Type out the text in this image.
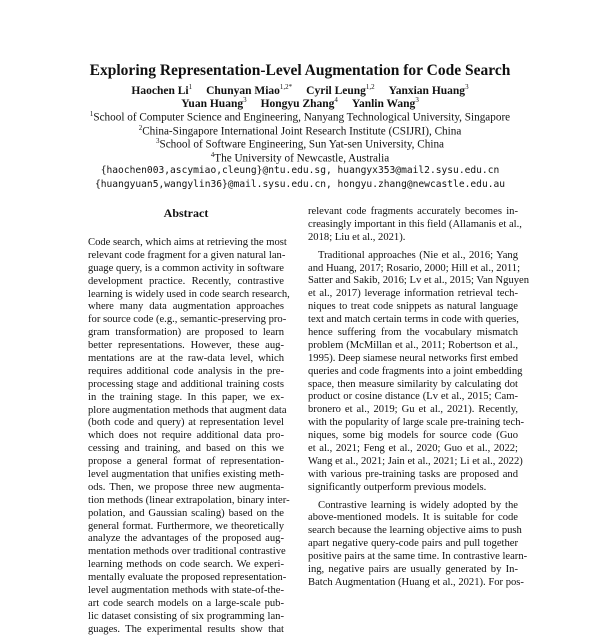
Exploring Representation-Level Augmentation for Code Search
Haochen Li$^1$ Chunyan Miao$^{1,2*}$ Cyril Leung$^{1,2}$ Yanxian Huang$^3$
Yuan Huang$^3$ Hongyu Zhang$^4$ Yanlin Wang$^3$
$^1$School of Computer Science and Engineering, Nanyang Technological University, Singapore
$^2$China-Singapore International Joint Research Institute (CSIJRI), China
$^3$School of Software Engineering, Sun Yat-sen University, China
$^4$The University of Newcastle, Australia
{haochen003,ascymiao,cleung}@ntu.edu.sg, huangyx353@mail2.sysu.edu.cn
{huangyuan5,wangylin36}@mail.sysu.edu.cn, hongyu.zhang@newcastle.edu.au
Abstract
Code search, which aims at retrieving the most
relevant code fragment for a given natural lan-
guage query, is a common activity in software
development practice. Recently, contrastive
learning is widely used in code search research,
where many data augmentation approaches
for source code (e.g., semantic-preserving pro-
gram transformation) are proposed to learn
better representations. However, these aug-
mentations are at the raw-data level, which
requires additional code analysis in the pre-
processing stage and additional training costs
in the training stage. In this paper, we ex-
plore augmentation methods that augment data
(both code and query) at representation level
which does not require additional data pro-
cessing and training, and based on this we
propose a general format of representation-
level augmentation that unifies existing meth-
ods. Then, we propose three new augmenta-
tion methods (linear extrapolation, binary inter-
polation, and Gaussian scaling) based on the
general format. Furthermore, we theoretically
analyze the advantages of the proposed aug-
mentation methods over traditional contrastive
learning methods on code search. We experi-
mentally evaluate the proposed representation-
level augmentation methods with state-of-the-
art code search models on a large-scale pub-
lic dataset consisting of six programming lan-
guages. The experimental results show that
relevant code fragments accurately becomes in-
creasingly important in this field (Allamanis et al.,
2018; Liu et al., 2021).
Traditional approaches (Nie et al., 2016; Yang
and Huang, 2017; Rosario, 2000; Hill et al., 2011;
Satter and Sakib, 2016; Lv et al., 2015; Van Nguyen
et al., 2017) leverage information retrieval tech-
niques to treat code snippets as natural language
text and match certain terms in code with queries,
hence suffering from the vocabulary mismatch
problem (McMillan et al., 2011; Robertson et al.,
1995). Deep siamese neural networks first embed
queries and code fragments into a joint embedding
space, then measure similarity by calculating dot
product or cosine distance (Lv et al., 2015; Cam-
bronero et al., 2019; Gu et al., 2021). Recently,
with the popularity of large scale pre-training tech-
niques, some big models for source code (Guo
et al., 2021; Feng et al., 2020; Guo et al., 2022;
Wang et al., 2021; Jain et al., 2021; Li et al., 2022)
with various pre-training tasks are proposed and
significantly outperform previous models.
Contrastive learning is widely adopted by the
above-mentioned models. It is suitable for code
search because the learning objective aims to push
apart negative query-code pairs and pull together
positive pairs at the same time. In contrastive learn-
ing, negative pairs are usually generated by In-
Batch Augmentation (Huang et al., 2021). For pos-
